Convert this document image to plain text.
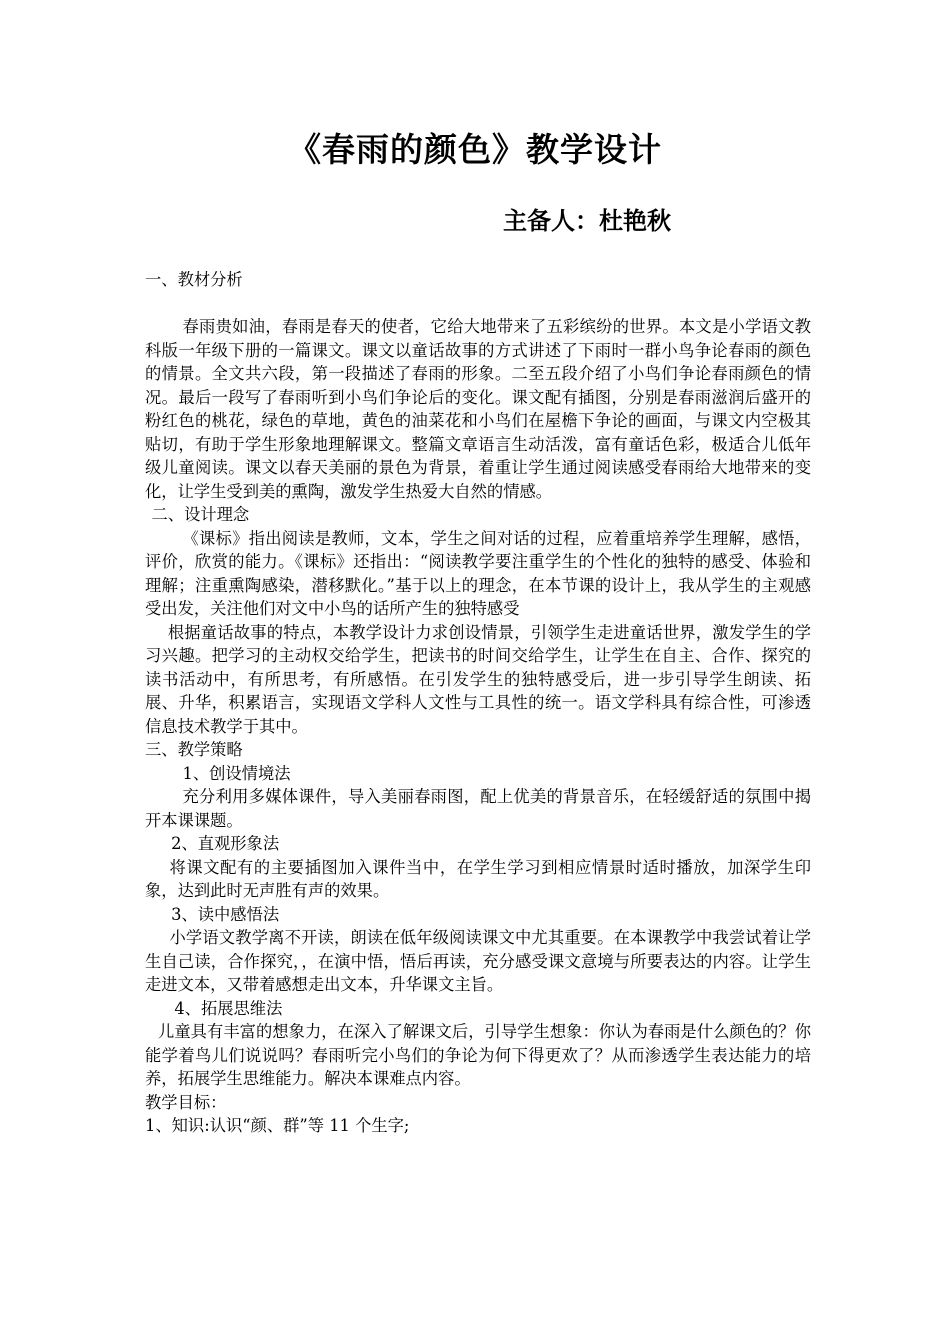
《春雨的颜色》教学设计
主备人：杜艳秋

一、教材分析

春雨贵如油，春雨是春天的使者，它给大地带来了五彩缤纷的世界。本文是小学语文教科版一年级下册的一篇课文。课文以童话故事的方式讲述了下雨时一群小鸟争论春雨的颜色的情景。全文共六段，第一段描述了春雨的形象。二至五段介绍了小鸟们争论春雨颜色的情况。最后一段写了春雨听到小鸟们争论后的变化。课文配有插图，分别是春雨滋润后盛开的粉红色的桃花，绿色的草地，黄色的油菜花和小鸟们在屋檐下争论的画面，与课文内空极其贴切，有助于学生形象地理解课文。整篇文章语言生动活泼，富有童话色彩，极适合儿低年级儿童阅读。课文以春天美丽的景色为背景，着重让学生通过阅读感受春雨给大地带来的变化，让学生受到美的熏陶，激发学生热爱大自然的情感。

二、设计理念

《课标》指出阅读是教师，文本，学生之间对话的过程，应着重培养学生理解，感悟，评价，欣赏的能力。《课标》还指出：“阅读教学要注重学生的个性化的独特的感受、体验和理解；注重熏陶感染，潜移默化。”基于以上的理念，在本节课的设计上，我从学生的主观感受出发，关注他们对文中小鸟的话所产生的独特感受

根据童话故事的特点，本教学设计力求创设情景，引领学生走进童话世界，激发学生的学习兴趣。把学习的主动权交给学生，把读书的时间交给学生，让学生在自主、合作、探究的读书活动中，有所思考，有所感悟。在引发学生的独特感受后，进一步引导学生朗读、拓展、升华，积累语言，实现语文学科人文性与工具性的统一。语文学科具有综合性，可渗透信息技术教学于其中。

三、教学策略

1、创设情境法

充分利用多媒体课件，导入美丽春雨图，配上优美的背景音乐，在轻缓舒适的氛围中揭开本课课题。

2、直观形象法

将课文配有的主要插图加入课件当中，在学生学习到相应情景时适时播放，加深学生印象，达到此时无声胜有声的效果。

3、读中感悟法

小学语文教学离不开读，朗读在低年级阅读课文中尤其重要。在本课教学中我尝试着让学生自己读，合作探究，，在演中悟，悟后再读，充分感受课文意境与所要表达的内容。让学生走进文本，又带着感想走出文本，升华课文主旨。

4、拓展思维法

儿童具有丰富的想象力，在深入了解课文后，引导学生想象：你认为春雨是什么颜色的？你能学着鸟儿们说说吗？春雨听完小鸟们的争论为何下得更欢了？从而渗透学生表达能力的培养，拓展学生思维能力。解决本课难点内容。

教学目标：

1、知识:认识“颜、群”等 11 个生字;
